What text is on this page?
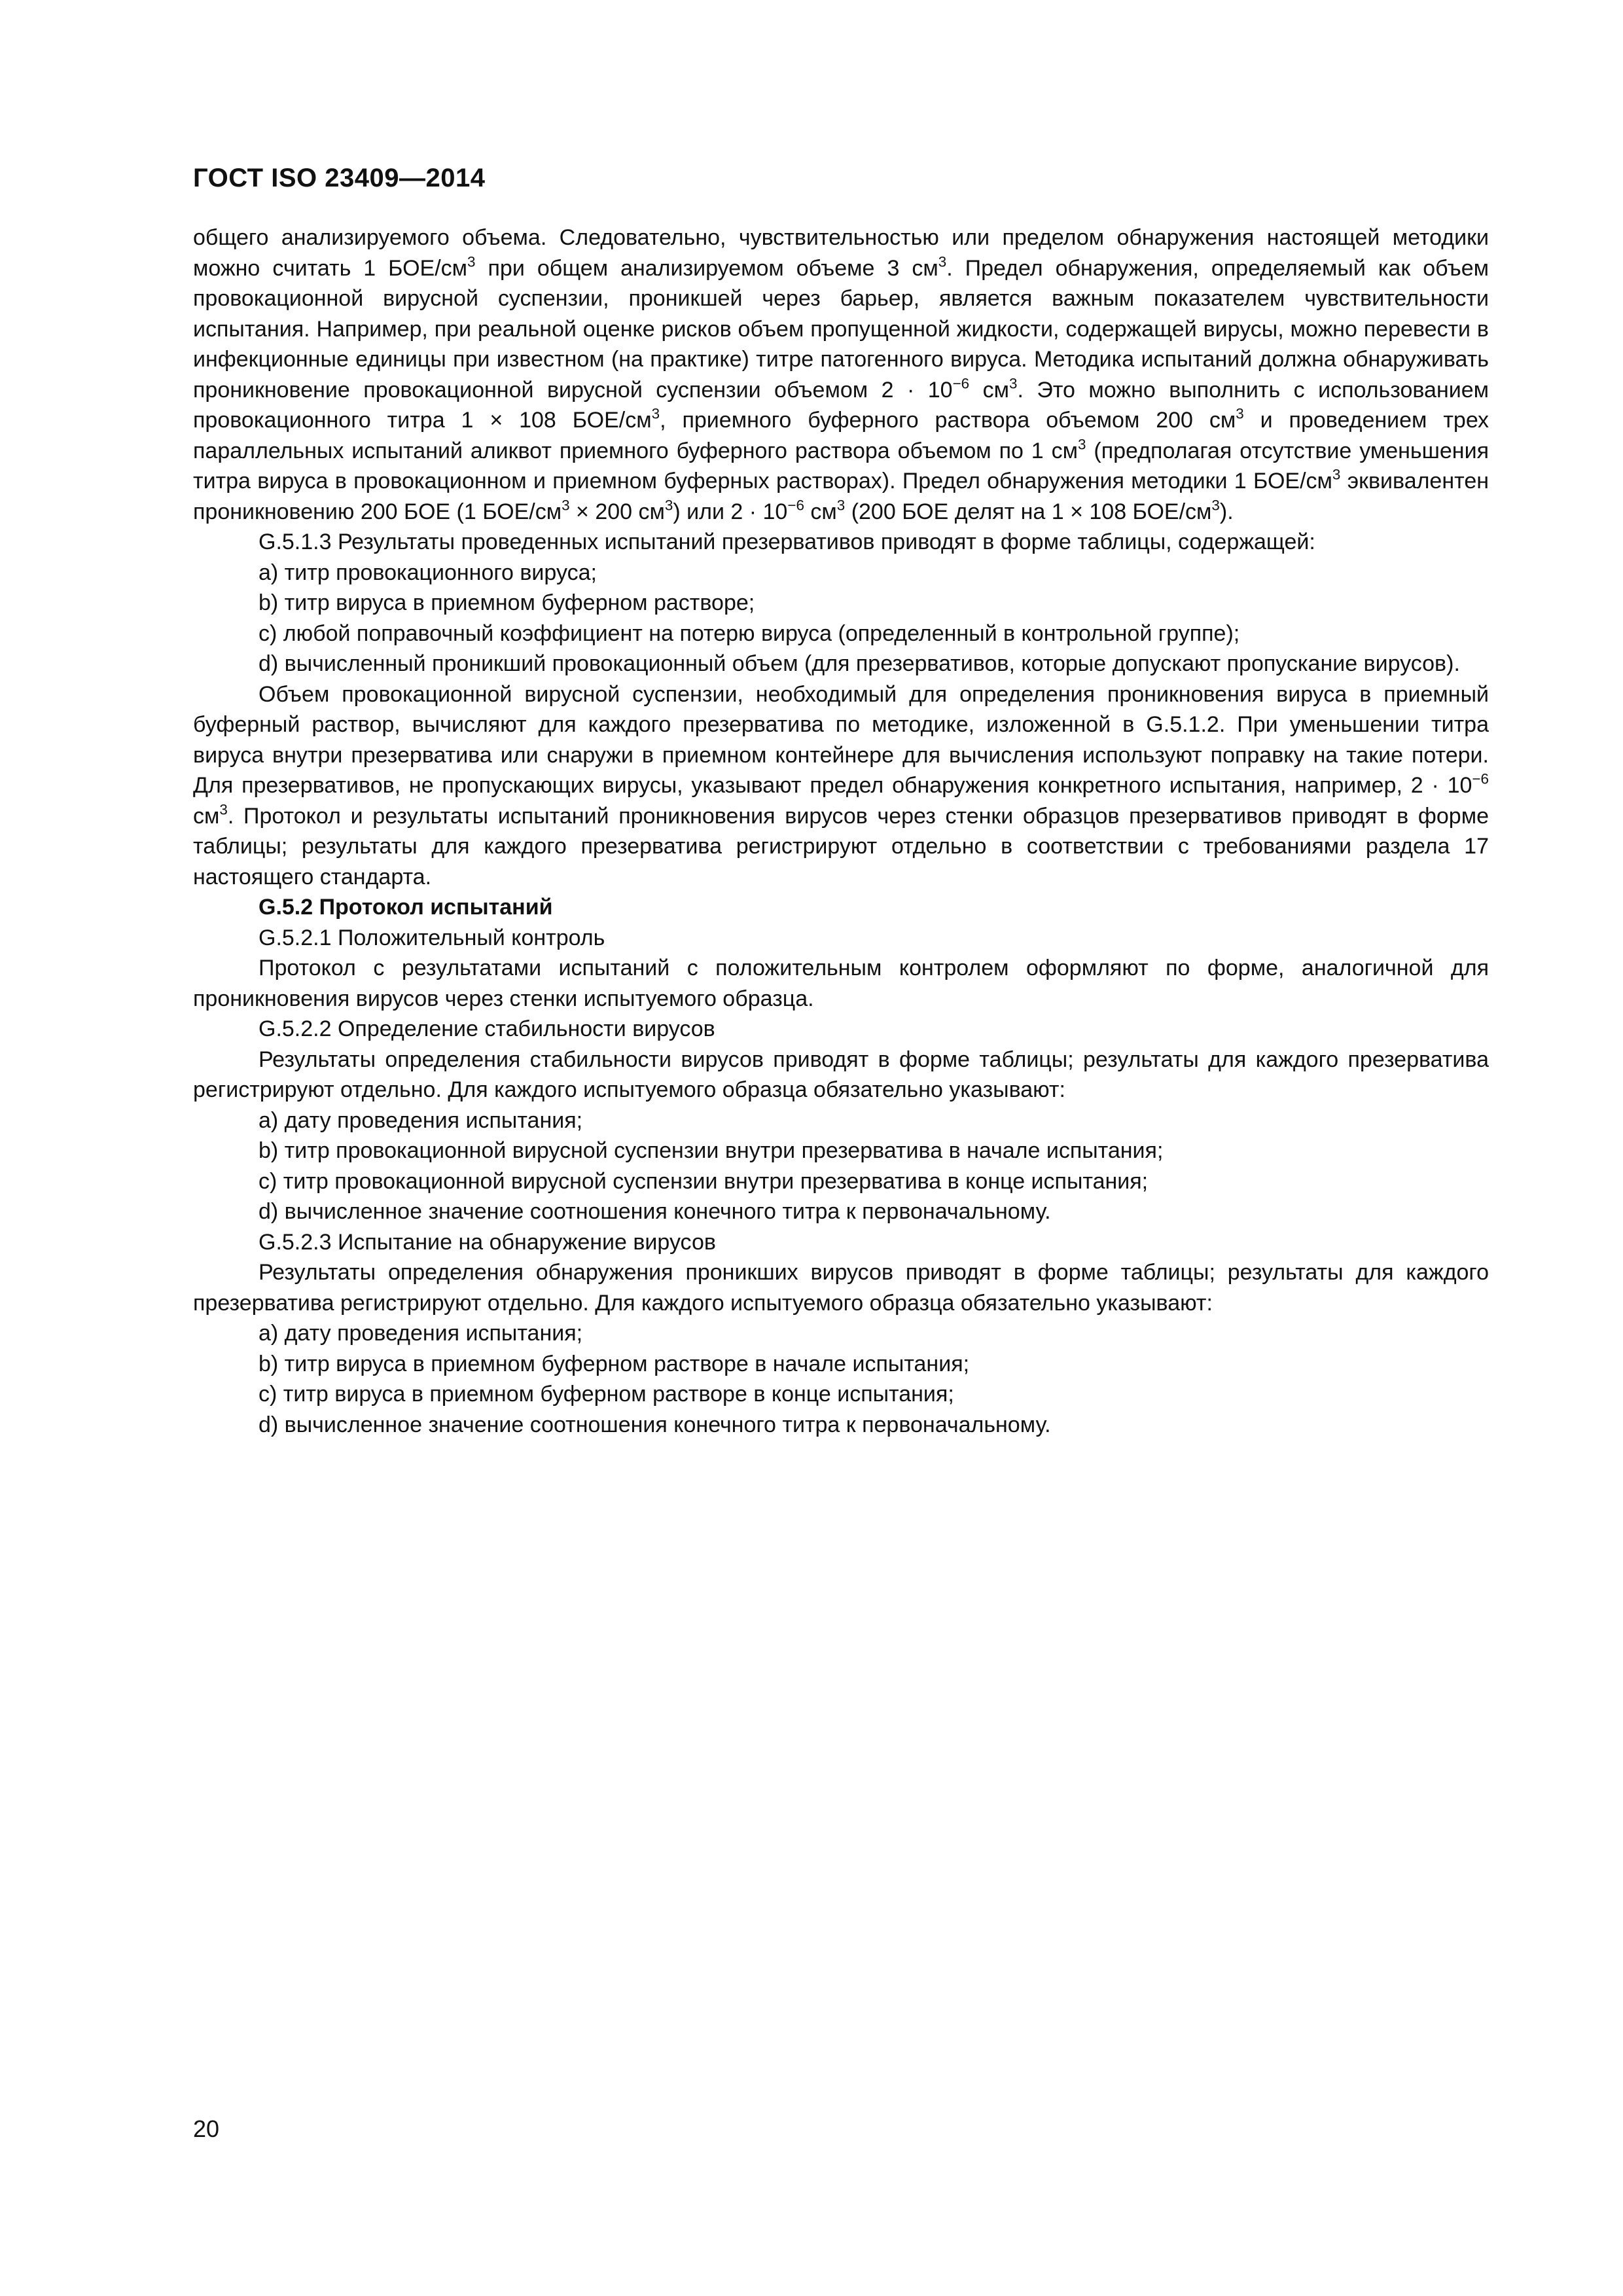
ГОСТ ISO 23409—2014

общего анализируемого объема. Следовательно, чувствительностью или пределом обнаружения настоящей методики можно считать 1 БОЕ/$см^3$ при общем анализируемом объеме 3 $см^3$. Предел обнаружения, определяемый как объем провокационной вирусной суспензии, проникшей через барьер, является важным показателем чувствительности испытания. Например, при реальной оценке рисков объем пропущенной жидкости, содержащей вирусы, можно перевести в инфекционные единицы при известном (на практике) титре патогенного вируса. Методика испытаний должна обнаруживать проникновение провокационной вирусной суспензии объемом $2 \cdot 10^{-6}$ $см^3$. Это можно выполнить с использованием провокационного титра 1 × 108 БОЕ/$см^3$, приемного буферного раствора объемом 200 $см^3$ и проведением трех параллельных испытаний аликвот приемного буферного раствора объемом по 1 $см^3$ (предполагая отсутствие уменьшения титра вируса в провокационном и приемном буферных растворах). Предел обнаружения методики 1 БОЕ/$см^3$ эквивалентен проникновению 200 БОЕ (1 БОЕ/$см^3 \times 200$ $см^3$) или $2 \cdot 10^{-6}$ $см^3$ (200 БОЕ делят на 1 × 108 БОЕ/$см^3$).

G.5.1.3 Результаты проведенных испытаний презервативов приводят в форме таблицы, содержащей:

a) титр провокационного вируса;

b) титр вируса в приемном буферном растворе;

c) любой поправочный коэффициент на потерю вируса (определенный в контрольной группе);

d) вычисленный проникший провокационный объем (для презервативов, которые допускают пропускание вирусов).

Объем провокационной вирусной суспензии, необходимый для определения проникновения вируса в приемный буферный раствор, вычисляют для каждого презерватива по методике, изложенной в G.5.1.2. При уменьшении титра вируса внутри презерватива или снаружи в приемном контейнере для вычисления используют поправку на такие потери. Для презервативов, не пропускающих вирусы, указывают предел обнаружения конкретного испытания, например, $2 \cdot 10^{-6}$ $см^3$. Протокол и результаты испытаний проникновения вирусов через стенки образцов презервативов приводят в форме таблицы; результаты для каждого презерватива регистрируют отдельно в соответствии с требованиями раздела 17 настоящего стандарта.

G.5.2 Протокол испытаний

G.5.2.1 Положительный контроль

Протокол с результатами испытаний с положительным контролем оформляют по форме, аналогичной для проникновения вирусов через стенки испытуемого образца.

G.5.2.2 Определение стабильности вирусов

Результаты определения стабильности вирусов приводят в форме таблицы; результаты для каждого презерватива регистрируют отдельно. Для каждого испытуемого образца обязательно указывают:

a) дату проведения испытания;

b) титр провокационной вирусной суспензии внутри презерватива в начале испытания;

c) титр провокационной вирусной суспензии внутри презерватива в конце испытания;

d) вычисленное значение соотношения конечного титра к первоначальному.

G.5.2.3 Испытание на обнаружение вирусов

Результаты определения обнаружения проникших вирусов приводят в форме таблицы; результаты для каждого презерватива регистрируют отдельно. Для каждого испытуемого образца обязательно указывают:

a) дату проведения испытания;

b) титр вируса в приемном буферном растворе в начале испытания;

c) титр вируса в приемном буферном растворе в конце испытания;

d) вычисленное значение соотношения конечного титра к первоначальному.

20
